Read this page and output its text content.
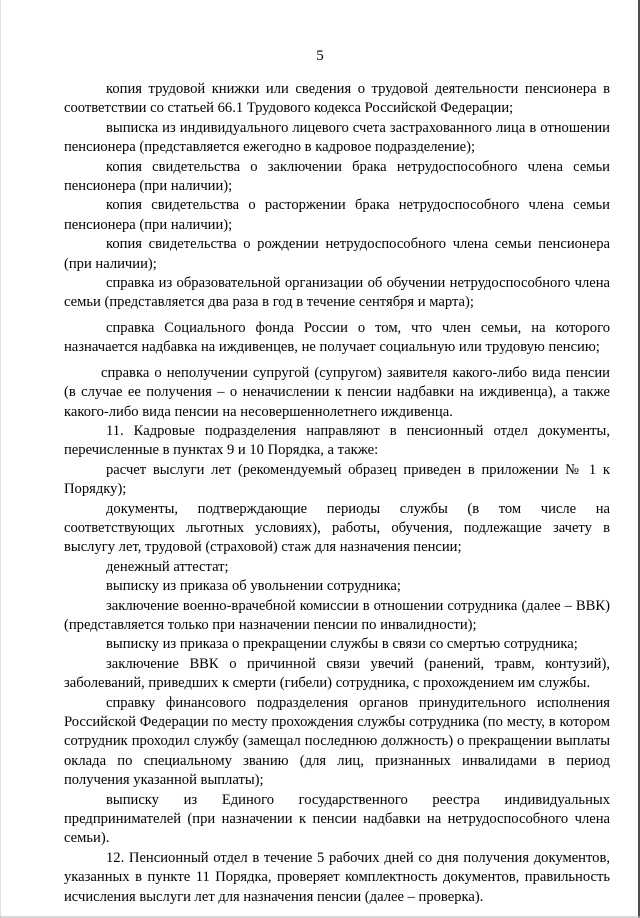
5

копия трудовой книжки или сведения о трудовой деятельности пенсионера в соответствии со статьей 66.1 Трудового кодекса Российской Федерации;

выписка из индивидуального лицевого счета застрахованного лица в отношении пенсионера (представляется ежегодно в кадровое подразделение);

копия свидетельства о заключении брака нетрудоспособного члена семьи пенсионера (при наличии);

копия свидетельства о расторжении брака нетрудоспособного члена семьи пенсионера (при наличии);

копия свидетельства о рождении нетрудоспособного члена семьи пенсионера (при наличии);

справка из образовательной организации об обучении нетрудоспособного члена семьи (представляется два раза в год в течение сентября и марта);

справка Социального фонда России о том, что член семьи, на которого назначается надбавка на иждивенцев, не получает социальную или трудовую пенсию;

справка о неполучении супругой (супругом) заявителя какого-либо вида пенсии (в случае ее получения – о неначислении к пенсии надбавки на иждивенца), а также какого-либо вида пенсии на несовершеннолетнего иждивенца.

11. Кадровые подразделения направляют в пенсионный отдел документы, перечисленные в пунктах 9 и 10 Порядка, а также:

расчет выслуги лет (рекомендуемый образец приведен в приложении № 1 к Порядку);

документы, подтверждающие периоды службы (в том числе на соответствующих льготных условиях), работы, обучения, подлежащие зачету в выслугу лет, трудовой (страховой) стаж для назначения пенсии;

денежный аттестат;

выписку из приказа об увольнении сотрудника;

заключение военно-врачебной комиссии в отношении сотрудника (далее – ВВК) (представляется только при назначении пенсии по инвалидности);

выписку из приказа о прекращении службы в связи со смертью сотрудника;

заключение ВВК о причинной связи увечий (ранений, травм, контузий), заболеваний, приведших к смерти (гибели) сотрудника, с прохождением им службы.

справку финансового подразделения органов принудительного исполнения Российской Федерации по месту прохождения службы сотрудника (по месту, в котором сотрудник проходил службу (замещал последнюю должность) о прекращении выплаты оклада по специальному званию (для лиц, признанных инвалидами в период получения указанной выплаты);

выписку из Единого государственного реестра индивидуальных предпринимателей (при назначении к пенсии надбавки на нетрудоспособного члена семьи).

12. Пенсионный отдел в течение 5 рабочих дней со дня получения документов, указанных в пункте 11 Порядка, проверяет комплектность документов, правильность исчисления выслуги лет для назначения пенсии (далее – проверка).
